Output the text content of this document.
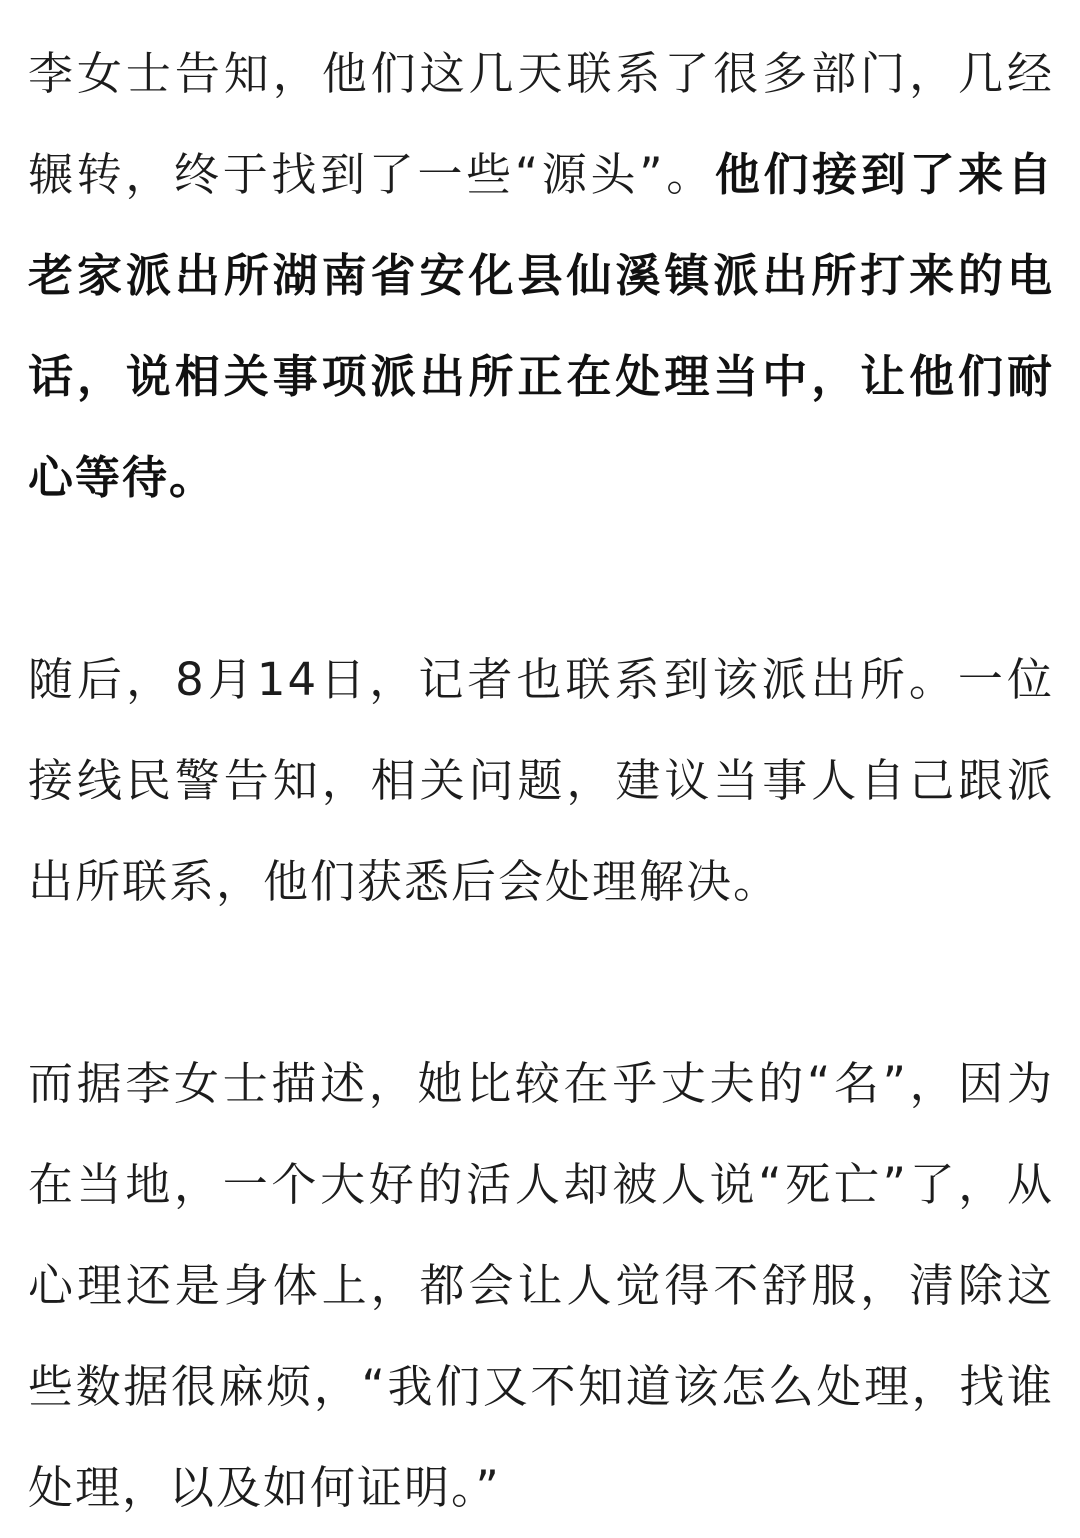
李女士告知，他们这几天联系了很多部门，几经辗转，终于找到了一些“源头”。他们接到了来自老家派出所湖南省安化县仙溪镇派出所打来的电话，说相关事项派出所正在处理当中，让他们耐心等待。

随后，8月14日，记者也联系到该派出所。一位接线民警告知，相关问题，建议当事人自己跟派出所联系，他们获悉后会处理解决。

而据李女士描述，她比较在乎丈夫的“名”，因为在当地，一个大好的活人却被人说“死亡”了，从心理还是身体上，都会让人觉得不舒服，清除这些数据很麻烦，“我们又不知道该怎么处理，找谁处理，以及如何证明。”
